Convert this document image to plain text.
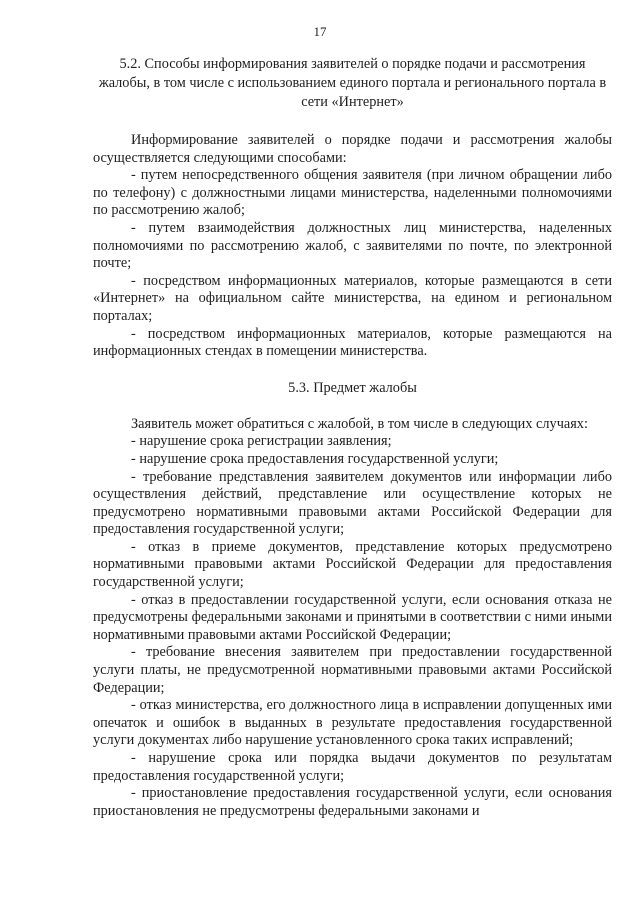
17
5.2. Способы информирования заявителей о порядке подачи и рассмотрения жалобы, в том числе с использованием единого портала и регионального портала в сети «Интернет»

Информирование заявителей о порядке подачи и рассмотрения жалобы осуществляется следующими способами:

- путем непосредственного общения заявителя (при личном обращении либо по телефону) с должностными лицами министерства, наделенными полномочиями по рассмотрению жалоб;

- путем взаимодействия должностных лиц министерства, наделенных полномочиями по рассмотрению жалоб, с заявителями по почте, по электронной почте;

- посредством информационных материалов, которые размещаются в сети «Интернет» на официальном сайте министерства, на едином и региональном порталах;

- посредством информационных материалов, которые размещаются на информационных стендах в помещении министерства.

5.3. Предмет жалобы

Заявитель может обратиться с жалобой, в том числе в следующих случаях:

- нарушение срока регистрации заявления;

- нарушение срока предоставления государственной услуги;

- требование представления заявителем документов или информации либо осуществления действий, представление или осуществление которых не предусмотрено нормативными правовыми актами Российской Федерации для предоставления государственной услуги;

- отказ в приеме документов, представление которых предусмотрено нормативными правовыми актами Российской Федерации для предоставления государственной услуги;

- отказ в предоставлении государственной услуги, если основания отказа не предусмотрены федеральными законами и принятыми в соответствии с ними иными нормативными правовыми актами Российской Федерации;

- требование внесения заявителем при предоставлении государственной услуги платы, не предусмотренной нормативными правовыми актами Российской Федерации;

- отказ министерства, его должностного лица в исправлении допущенных ими опечаток и ошибок в выданных в результате предоставления государственной услуги документах либо нарушение установленного срока таких исправлений;

- нарушение срока или порядка выдачи документов по результатам предоставления государственной услуги;

- приостановление предоставления государственной услуги, если основания приостановления не предусмотрены федеральными законами и
